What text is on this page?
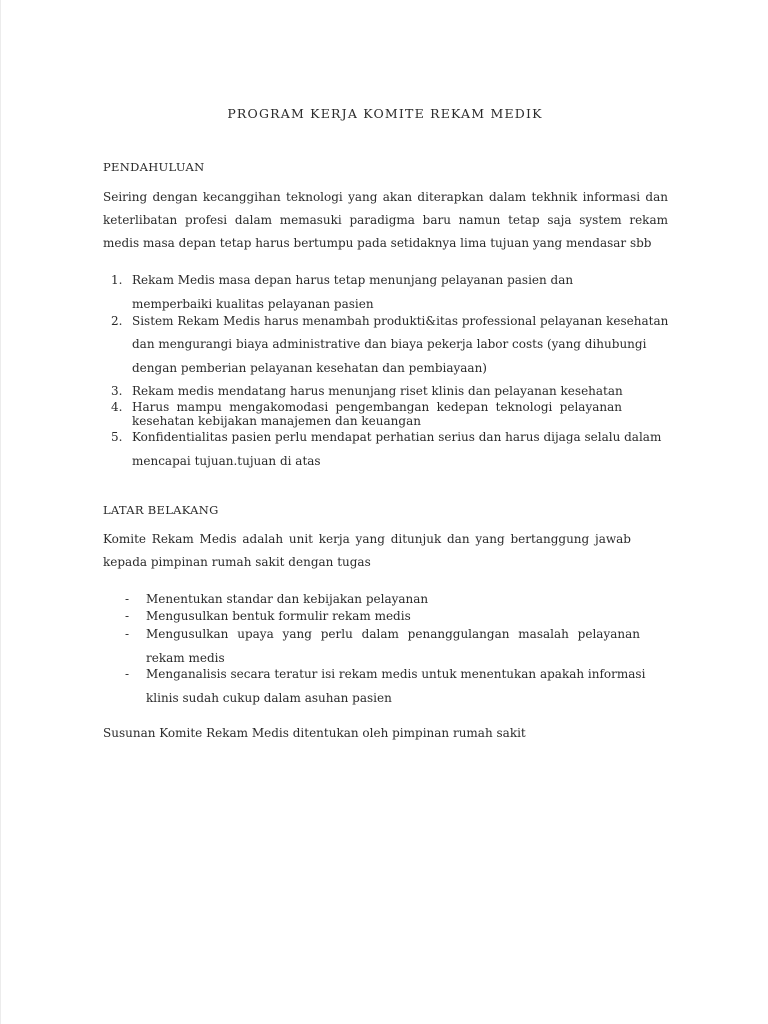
PROGRAM KERJA KOMITE REKAM MEDIK
PENDAHULUAN
Seiring dengan kecanggihan teknologi yang akan diterapkan dalam tekhnik informasi dan
keterlibatan profesi dalam memasuki paradigma baru namun tetap saja system rekam
medis masa depan tetap harus bertumpu pada setidaknya lima tujuan yang mendasar sbb
1. Rekam Medis masa depan harus tetap menunjang pelayanan pasien dan
memperbaiki kualitas pelayanan pasien
2. Sistem Rekam Medis harus menambah produkti&itas professional pelayanan kesehatan
dan mengurangi biaya administrative dan biaya pekerja labor costs (yang dihubungi
dengan pemberian pelayanan kesehatan dan pembiayaan)
3. Rekam medis mendatang harus menunjang riset klinis dan pelayanan kesehatan
4. Harus mampu mengakomodasi pengembangan kedepan teknologi pelayanan
kesehatan kebijakan manajemen dan keuangan
5. Konfidentialitas pasien perlu mendapat perhatian serius dan harus dijaga selalu dalam
mencapai tujuan.tujuan di atas
LATAR BELAKANG
Komite Rekam Medis adalah unit kerja yang ditunjuk dan yang bertanggung jawab
kepada pimpinan rumah sakit dengan tugas
- Menentukan standar dan kebijakan pelayanan
- Mengusulkan bentuk formulir rekam medis
- Mengusulkan upaya yang perlu dalam penanggulangan masalah pelayanan
rekam medis
- Menganalisis secara teratur isi rekam medis untuk menentukan apakah informasi
klinis sudah cukup dalam asuhan pasien
Susunan Komite Rekam Medis ditentukan oleh pimpinan rumah sakit
